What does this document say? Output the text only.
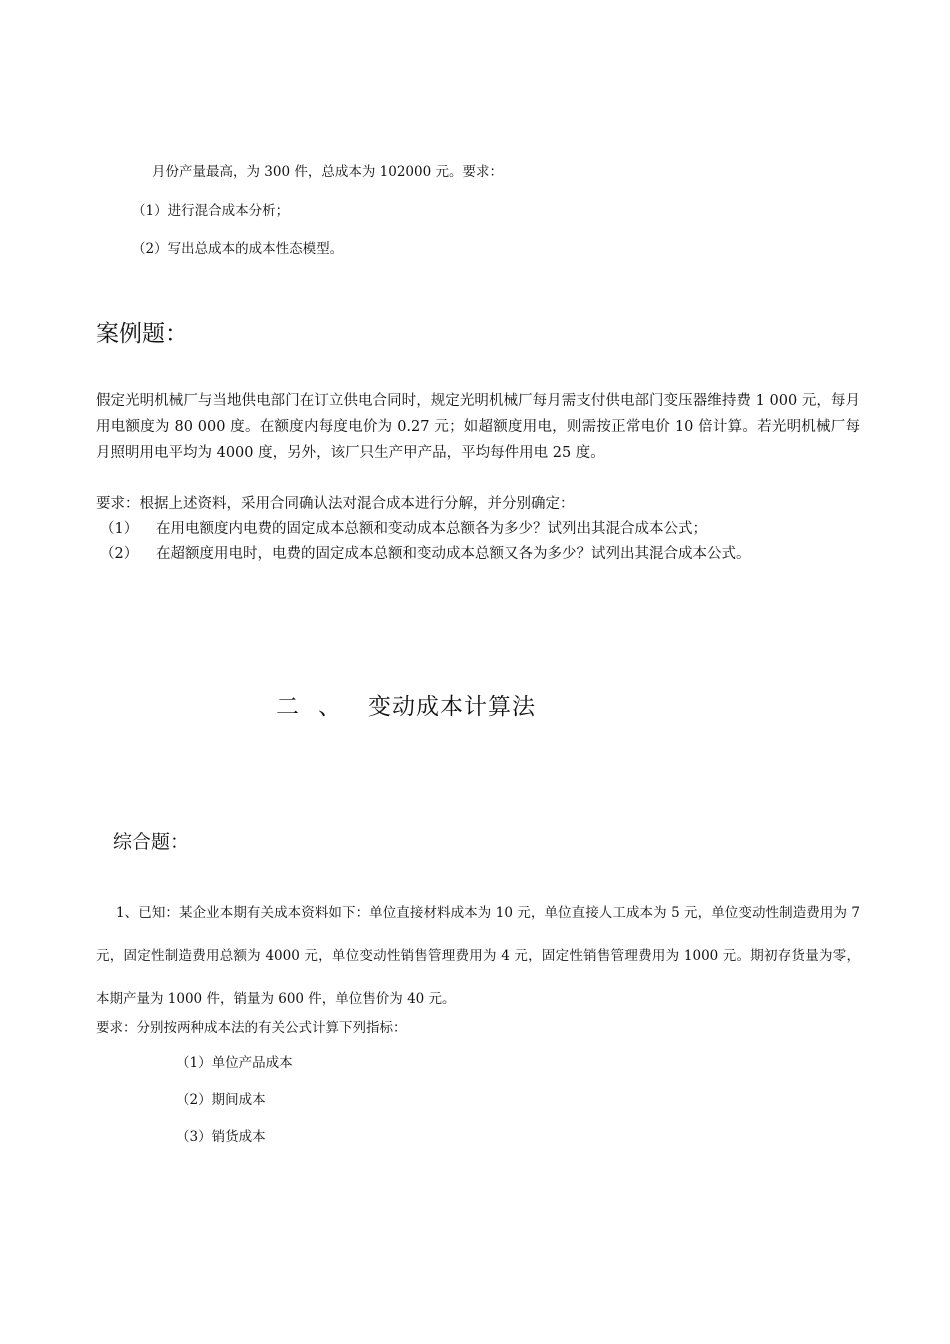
月份产量最高，为 300 件，总成本为 102000 元。要求：
（1）进行混合成本分析；
（2）写出总成本的成本性态模型。
案例题：
假定光明机械厂与当地供电部门在订立供电合同时，规定光明机械厂每月需支付供电部门变压器维持费 1 000 元，每月用电额度为 80 000 度。在额度内每度电价为 0.27 元；如超额度用电，则需按正常电价 10 倍计算。若光明机械厂每月照明用电平均为 4000 度，另外，该厂只生产甲产品，平均每件用电 25 度。
要求：根据上述资料，采用合同确认法对混合成本进行分解，并分别确定：
（1） 在用电额度内电费的固定成本总额和变动成本总额各为多少？试列出其混合成本公式；
（2） 在超额度用电时，电费的固定成本总额和变动成本总额又各为多少？试列出其混合成本公式。
二 、 变动成本计算法
综合题：
1、已知：某企业本期有关成本资料如下：单位直接材料成本为 10 元，单位直接人工成本为 5 元，单位变动性制造费用为 7 元，固定性制造费用总额为 4000 元，单位变动性销售管理费用为 4 元，固定性销售管理费用为 1000 元。期初存货量为零，本期产量为 1000 件，销量为 600 件，单位售价为 40 元。
要求：分别按两种成本法的有关公式计算下列指标：
（1）单位产品成本
（2）期间成本
（3）销货成本
